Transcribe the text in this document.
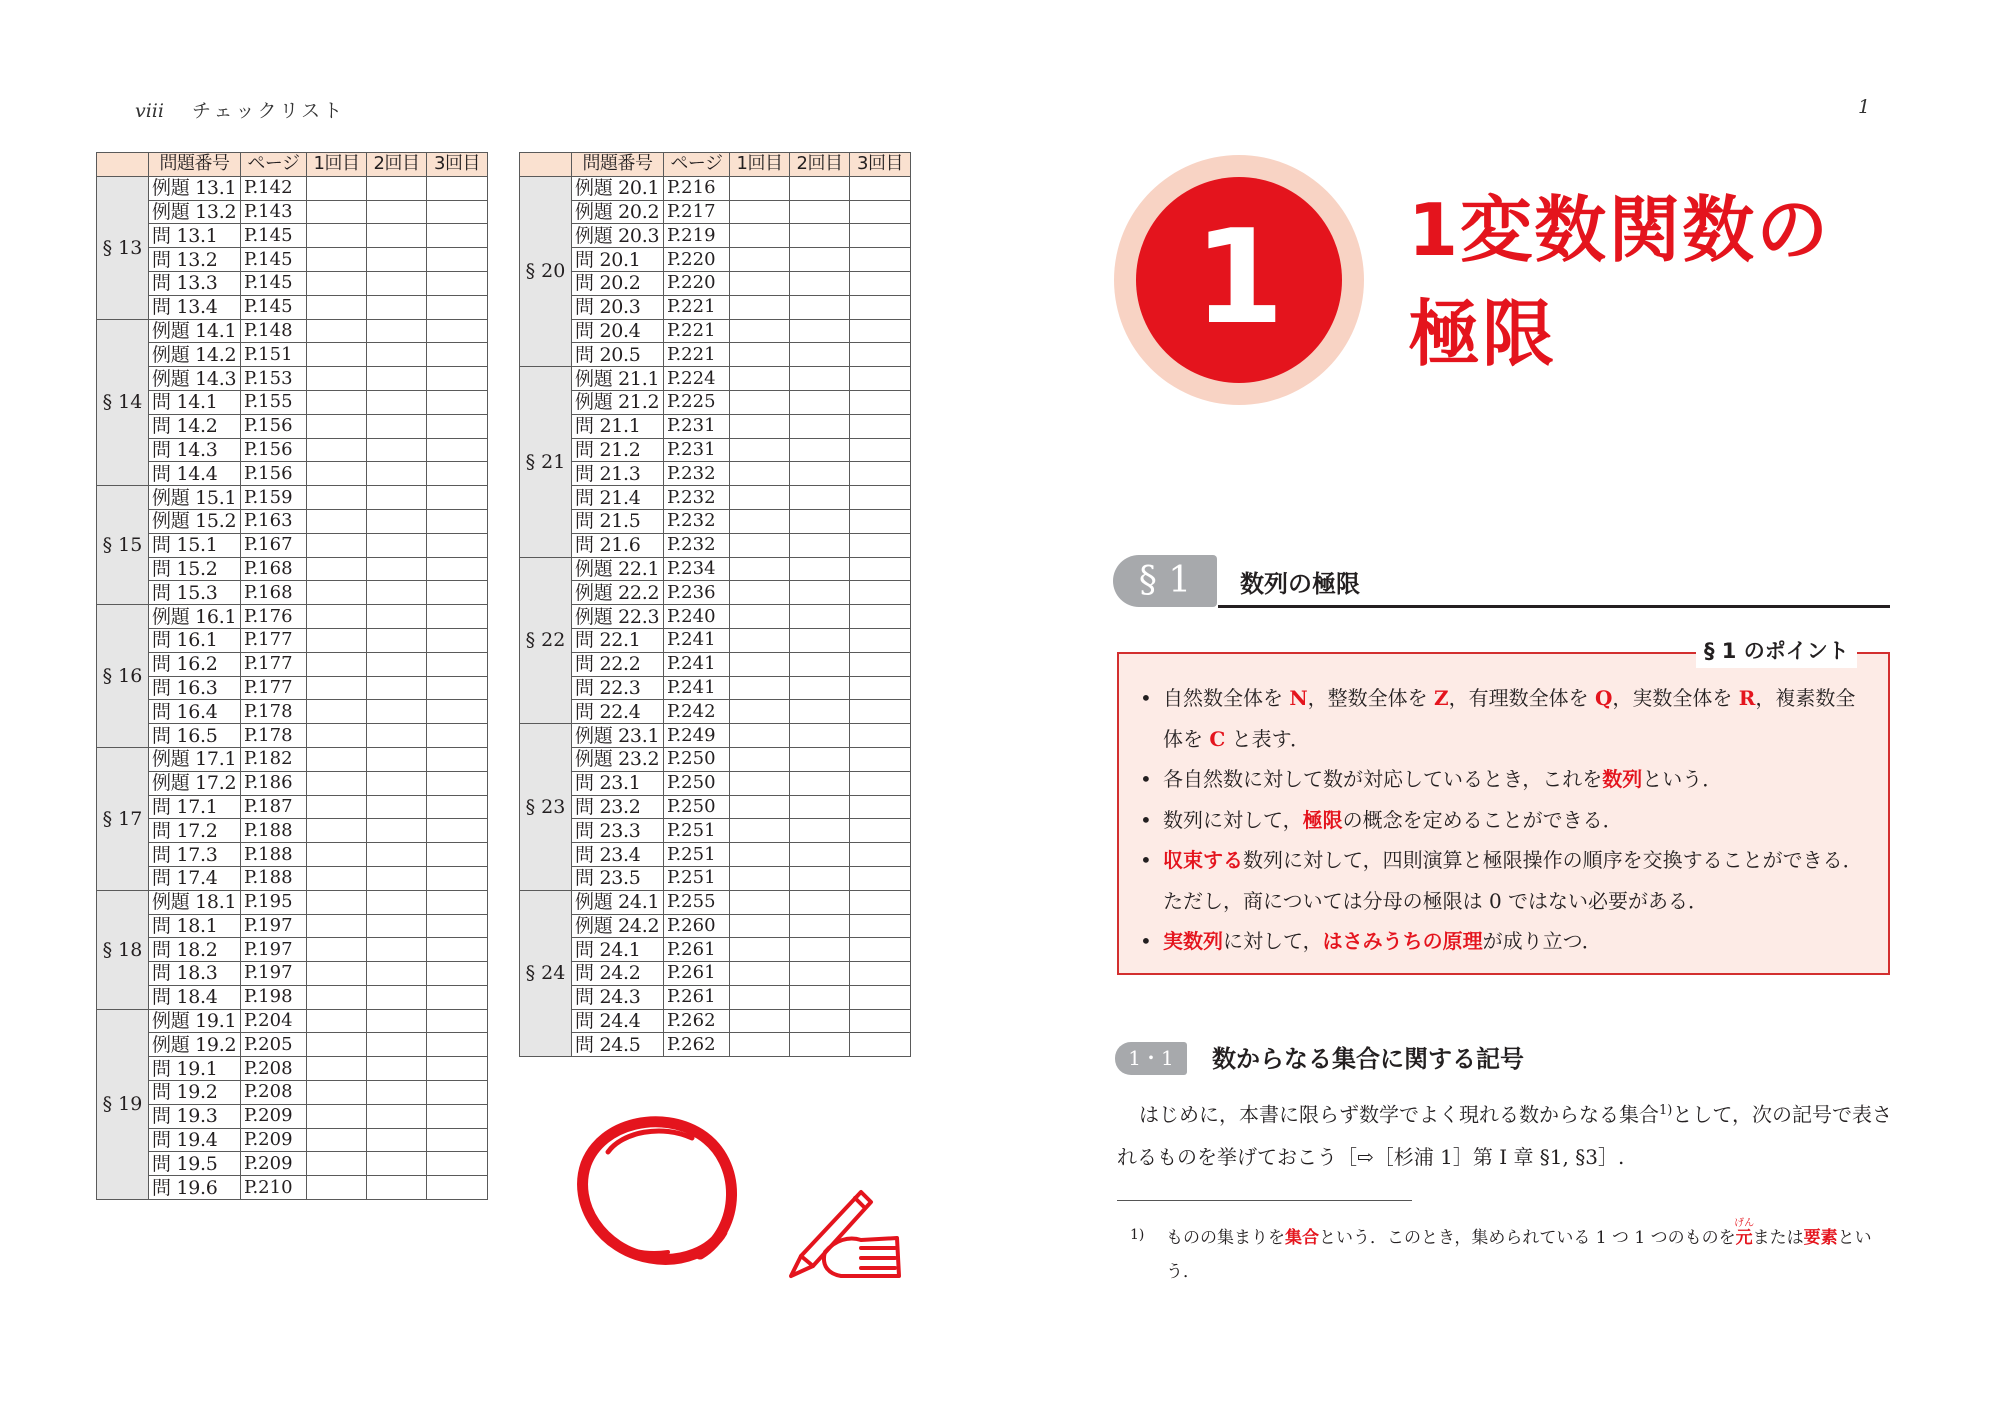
viii チェックリスト
	問題番号	ページ	1回目	2回目	3回目
§ 13	例題 13.1	P.142			
	例題 13.2	P.143			
	問 13.1	P.145			
	問 13.2	P.145			
	問 13.3	P.145			
	問 13.4	P.145			
§ 14	例題 14.1	P.148			
	例題 14.2	P.151			
	例題 14.3	P.153			
	問 14.1	P.155			
	問 14.2	P.156			
	問 14.3	P.156			
	問 14.4	P.156			
§ 15	例題 15.1	P.159			
	例題 15.2	P.163			
	問 15.1	P.167			
	問 15.2	P.168			
	問 15.3	P.168			
§ 16	例題 16.1	P.176			
	問 16.1	P.177			
	問 16.2	P.177			
	問 16.3	P.177			
	問 16.4	P.178			
	問 16.5	P.178			
§ 17	例題 17.1	P.182			
	例題 17.2	P.186			
	問 17.1	P.187			
	問 17.2	P.188			
	問 17.3	P.188			
	問 17.4	P.188			
§ 18	例題 18.1	P.195			
	問 18.1	P.197			
	問 18.2	P.197			
	問 18.3	P.197			
	問 18.4	P.198			
§ 19	例題 19.1	P.204			
	例題 19.2	P.205			
	問 19.1	P.208			
	問 19.2	P.208			
	問 19.3	P.209			
	問 19.4	P.209			
	問 19.5	P.209			
	問 19.6	P.210			
	問題番号	ページ	1回目	2回目	3回目
§ 20	例題 20.1	P.216			
	例題 20.2	P.217			
	例題 20.3	P.219			
	問 20.1	P.220			
	問 20.2	P.220			
	問 20.3	P.221			
	問 20.4	P.221			
	問 20.5	P.221			
§ 21	例題 21.1	P.224			
	例題 21.2	P.225			
	問 21.1	P.231			
	問 21.2	P.231			
	問 21.3	P.232			
	問 21.4	P.232			
	問 21.5	P.232			
	問 21.6	P.232			
§ 22	例題 22.1	P.234			
	例題 22.2	P.236			
	例題 22.3	P.240			
	問 22.1	P.241			
	問 22.2	P.241			
	問 22.3	P.241			
	問 22.4	P.242			
§ 23	例題 23.1	P.249			
	例題 23.2	P.250			
	問 23.1	P.250			
	問 23.2	P.250			
	問 23.3	P.251			
	問 23.4	P.251			
	問 23.5	P.251			
§ 24	例題 24.1	P.255			
	例題 24.2	P.260			
	問 24.1	P.261			
	問 24.2	P.261			
	問 24.3	P.261			
	問 24.4	P.262			
	問 24.5	P.262			
1
1	1変数関数の
極限
§ 1	数列の極限
§ 1 のポイント
• 自然数全体を N，整数全体を Z，有理数全体を Q，実数全体を R，複素数全体を C と表す．
• 各自然数に対して数が対応しているとき，これを数列という．
• 数列に対して，極限の概念を定めることができる．
• 収束する数列に対して，四則演算と極限操作の順序を交換することができる．ただし，商については分母の極限は 0 ではない必要がある．
• 実数列に対して，はさみうちの原理が成り立つ．
1・1	数からなる集合に関する記号

はじめに，本書に限らず数学でよく現れる数からなる集合$^{1)}$として，次の記号で表されるものを挙げておこう［⇨［杉浦 1］第 I 章 §1, §3］.

1) ものの集まりを集合という．このとき，集められている 1 つ 1 つのものを元げんまたは要素という．
